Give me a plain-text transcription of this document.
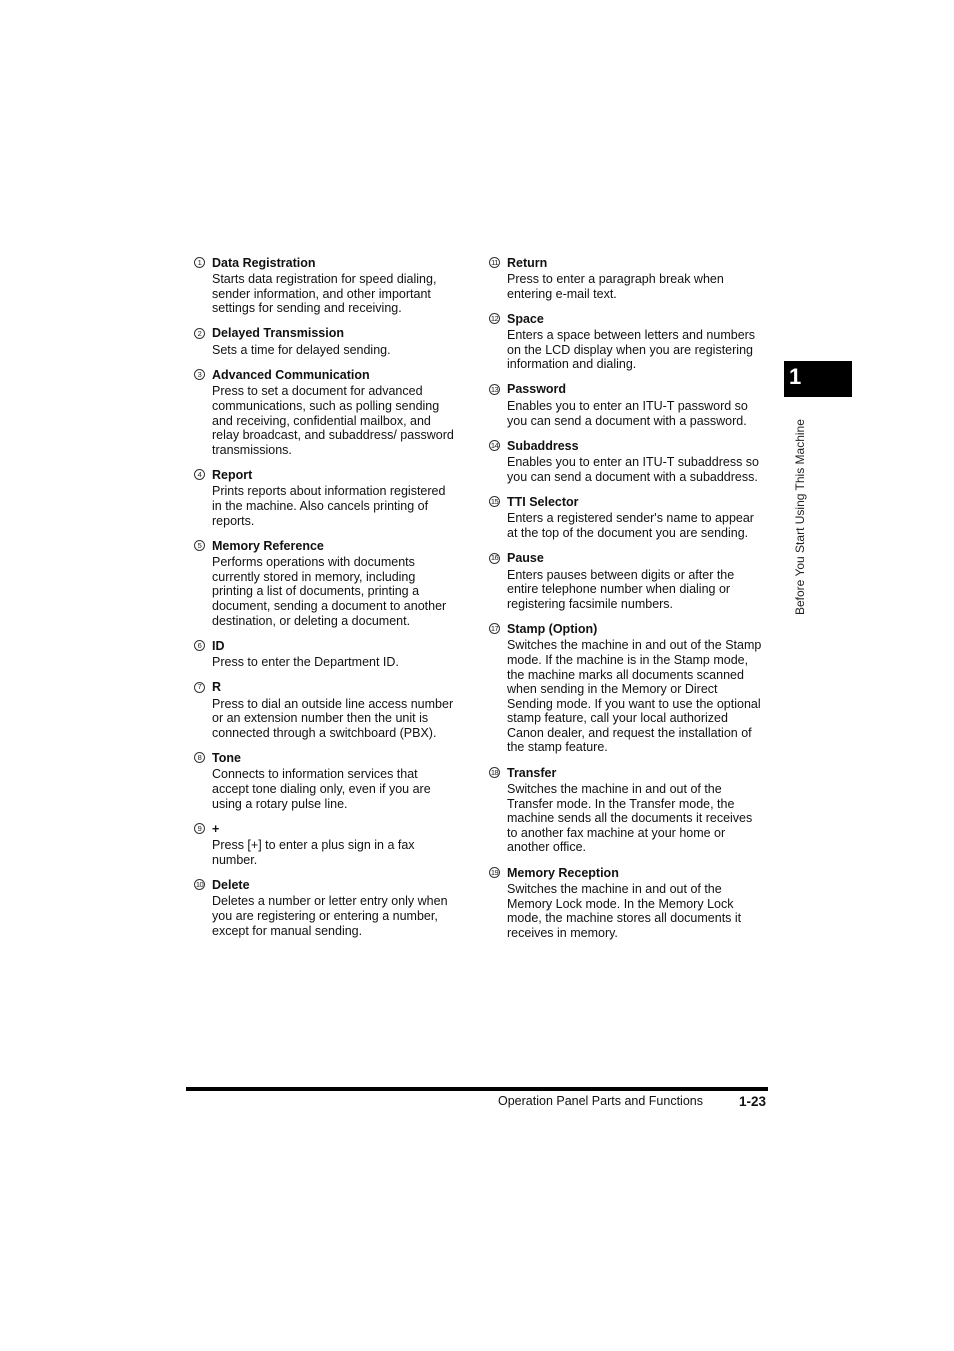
1 Data Registration
Starts data registration for speed dialing, sender information, and other important settings for sending and receiving.
2 Delayed Transmission
Sets a time for delayed sending.
3 Advanced Communication
Press to set a document for advanced communications, such as polling sending and receiving, confidential mailbox, and relay broadcast, and subaddress/ password transmissions.
4 Report
Prints reports about information registered in the machine. Also cancels printing of reports.
5 Memory Reference
Performs operations with documents currently stored in memory, including printing a list of documents, printing a document, sending a document to another destination, or deleting a document.
6 ID
Press to enter the Department ID.
7 R
Press to dial an outside line access number or an extension number then the unit is connected through a switchboard (PBX).
8 Tone
Connects to information services that accept tone dialing only, even if you are using a rotary pulse line.
9 +
Press [+] to enter a plus sign in a fax number.
10 Delete
Deletes a number or letter entry only when you are registering or entering a number, except for manual sending.
11 Return
Press to enter a paragraph break when entering e-mail text.
12 Space
Enters a space between letters and numbers on the LCD display when you are registering information and dialing.
13 Password
Enables you to enter an ITU-T password so you can send a document with a password.
14 Subaddress
Enables you to enter an ITU-T subaddress so you can send a document with a subaddress.
15 TTI Selector
Enters a registered sender's name to appear at the top of the document you are sending.
16 Pause
Enters pauses between digits or after the entire telephone number when dialing or registering facsimile numbers.
17 Stamp (Option)
Switches the machine in and out of the Stamp mode. If the machine is in the Stamp mode, the machine marks all documents scanned when sending in the Memory or Direct Sending mode. If you want to use the optional stamp feature, call your local authorized Canon dealer, and request the installation of the stamp feature.
18 Transfer
Switches the machine in and out of the Transfer mode. In the Transfer mode, the machine sends all the documents it receives to another fax machine at your home or another office.
19 Memory Reception
Switches the machine in and out of the Memory Lock mode. In the Memory Lock mode, the machine stores all documents it receives in memory.
1
Before You Start Using This Machine
Operation Panel Parts and Functions	1-23
